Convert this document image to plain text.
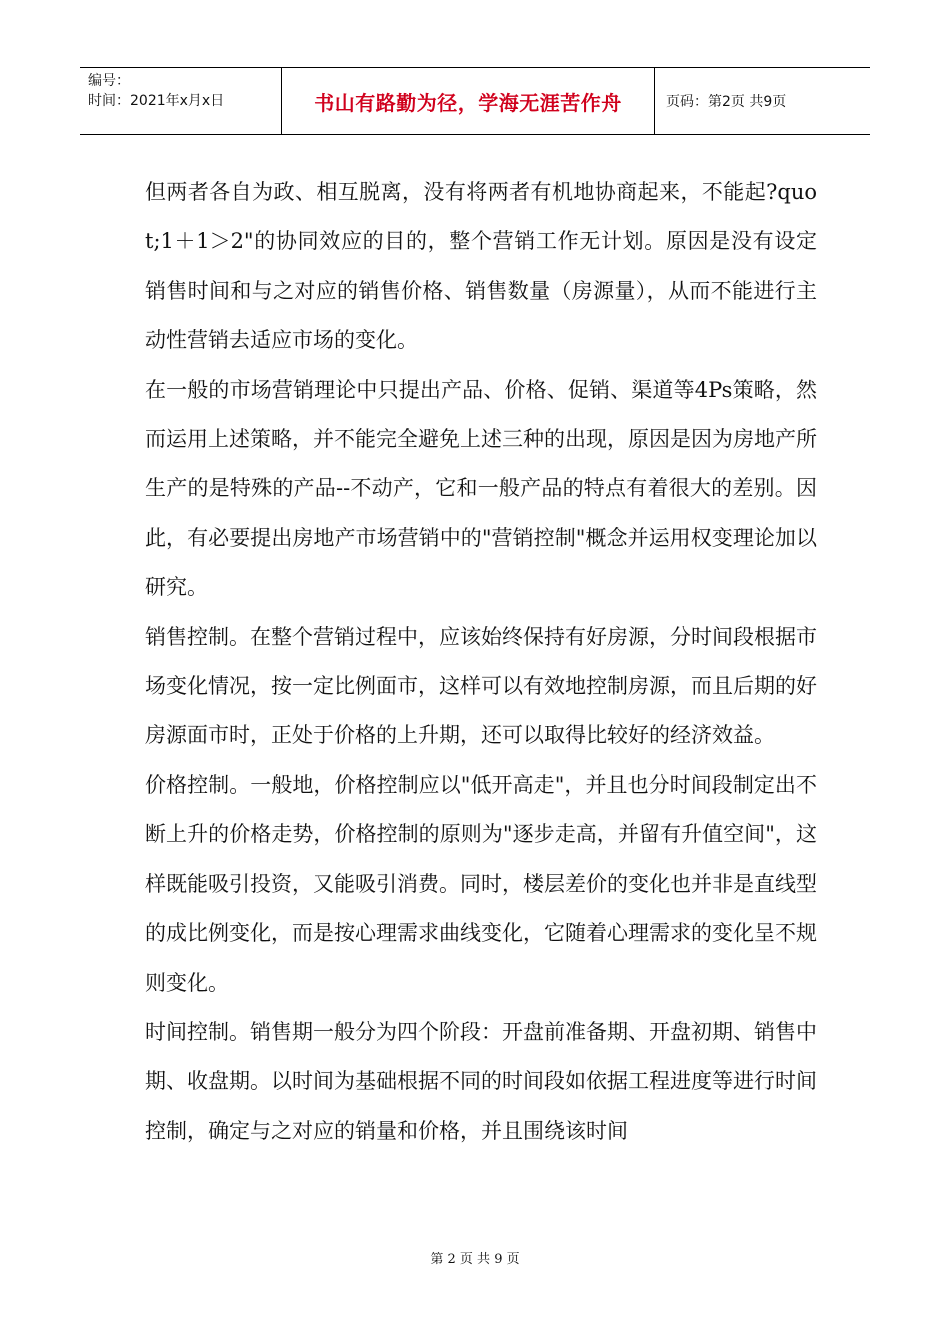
编号：
时间：2021年x月x日	书山有路勤为径，学海无涯苦作舟	页码：第2页 共9页

但两者各自为政、相互脱离，没有将两者有机地协商起来，不能起?quot;1＋1＞2"的协同效应的目的，整个营销工作无计划。原因是没有设定销售时间和与之对应的销售价格、销售数量（房源量），从而不能进行主动性营销去适应市场的变化。

在一般的市场营销理论中只提出产品、价格、促销、渠道等4Ps策略，然而运用上述策略，并不能完全避免上述三种的出现，原因是因为房地产所生产的是特殊的产品--不动产，它和一般产品的特点有着很大的差别。因此，有必要提出房地产市场营销中的"营销控制"概念并运用权变理论加以研究。

销售控制。在整个营销过程中，应该始终保持有好房源，分时间段根据市场变化情况，按一定比例面市，这样可以有效地控制房源，而且后期的好房源面市时，正处于价格的上升期，还可以取得比较好的经济效益。

价格控制。一般地，价格控制应以"低开高走"，并且也分时间段制定出不断上升的价格走势，价格控制的原则为"逐步走高，并留有升值空间"，这样既能吸引投资，又能吸引消费。同时，楼层差价的变化也并非是直线型的成比例变化，而是按心理需求曲线变化，它随着心理需求的变化呈不规则变化。

时间控制。销售期一般分为四个阶段：开盘前准备期、开盘初期、销售中期、收盘期。以时间为基础根据不同的时间段如依据工程进度等进行时间控制，确定与之对应的销量和价格，并且围绕该时间

第 2 页 共 9 页
